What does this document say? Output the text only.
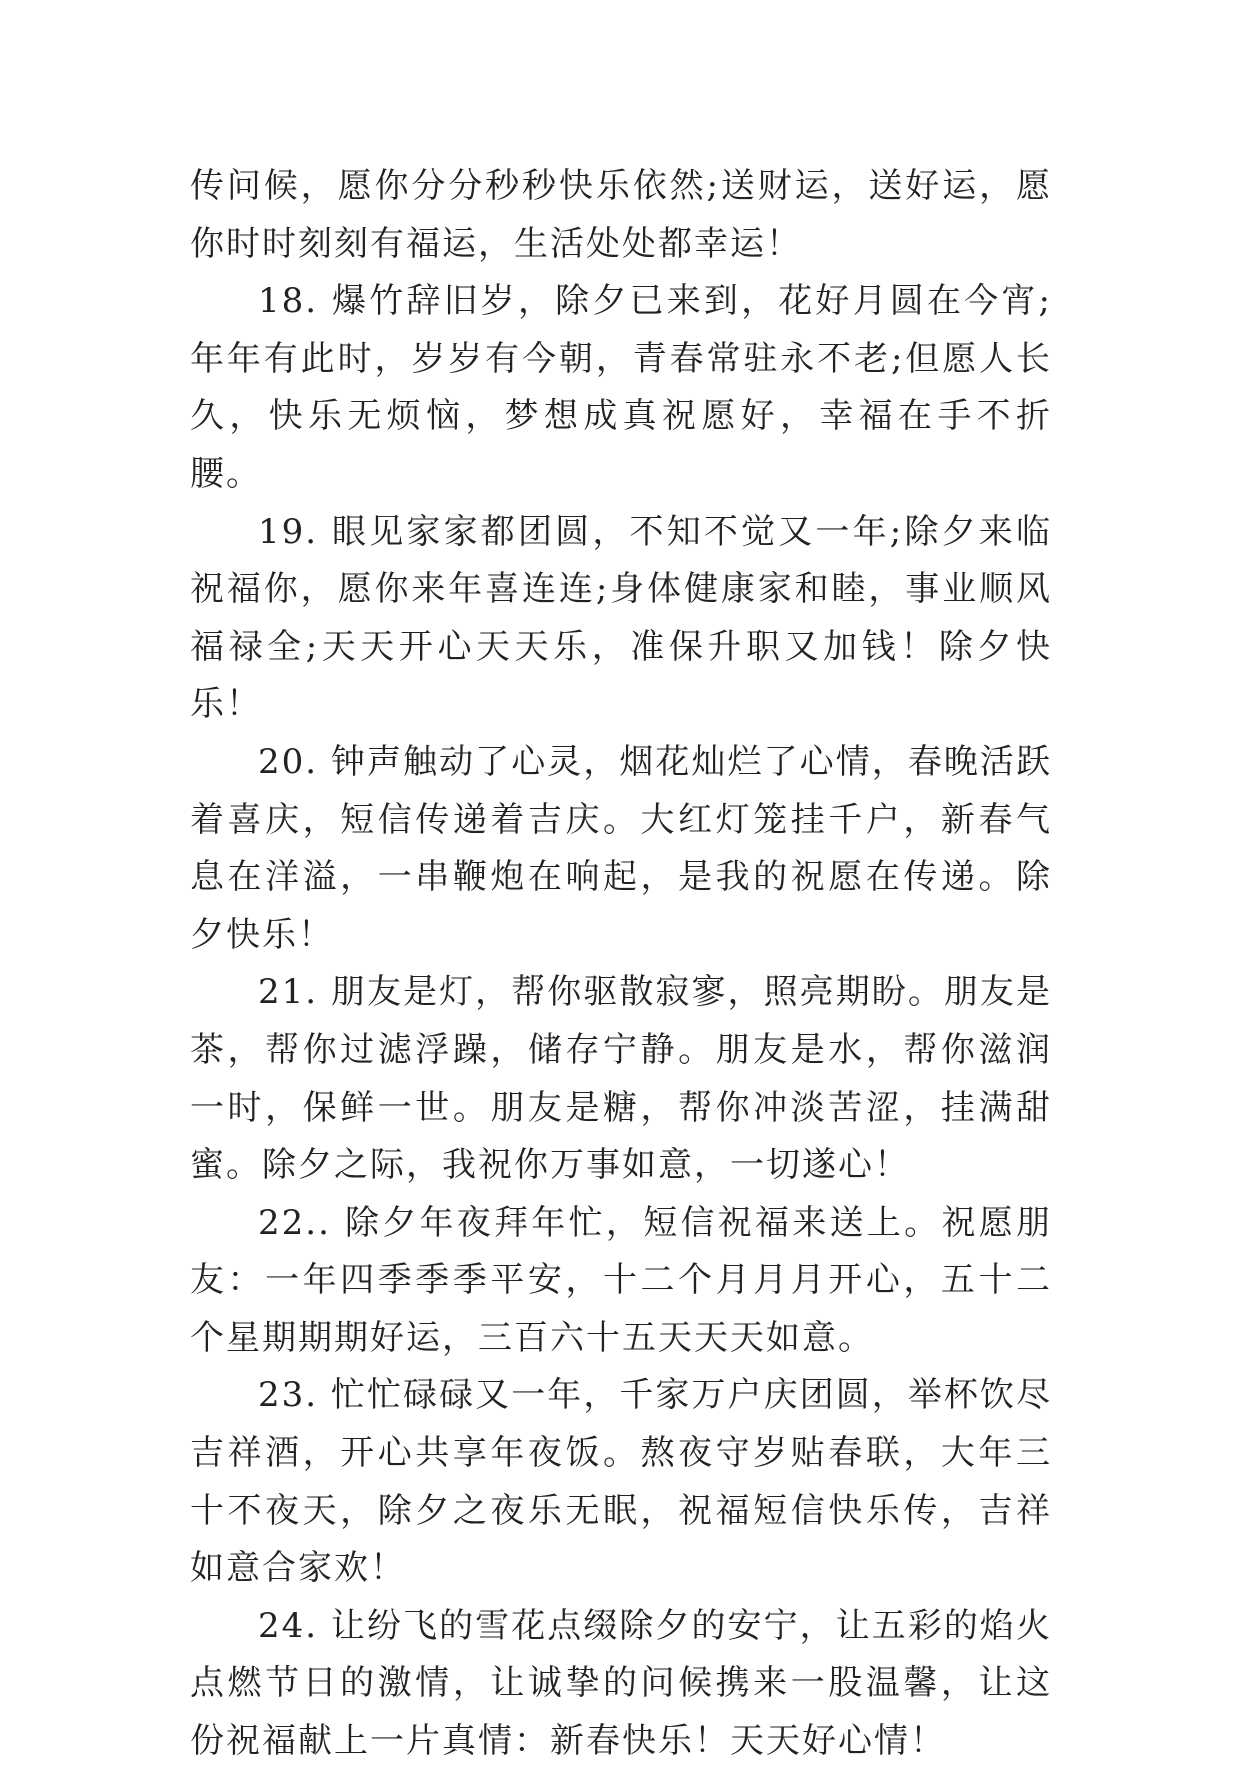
传问候，愿你分分秒秒快乐依然;送财运，送好运，愿你时时刻刻有福运，生活处处都幸运！

18. 爆竹辞旧岁，除夕已来到，花好月圆在今宵;年年有此时，岁岁有今朝，青春常驻永不老;但愿人长久，快乐无烦恼，梦想成真祝愿好，幸福在手不折腰。

19. 眼见家家都团圆，不知不觉又一年;除夕来临祝福你，愿你来年喜连连;身体健康家和睦，事业顺风福禄全;天天开心天天乐，准保升职又加钱！除夕快乐！

20. 钟声触动了心灵，烟花灿烂了心情，春晚活跃着喜庆，短信传递着吉庆。大红灯笼挂千户，新春气息在洋溢，一串鞭炮在响起，是我的祝愿在传递。除夕快乐！

21. 朋友是灯，帮你驱散寂寥，照亮期盼。朋友是茶，帮你过滤浮躁，储存宁静。朋友是水，帮你滋润一时，保鲜一世。朋友是糖，帮你冲淡苦涩，挂满甜蜜。除夕之际，我祝你万事如意，一切遂心！

22.. 除夕年夜拜年忙，短信祝福来送上。祝愿朋友：一年四季季季平安，十二个月月月开心，五十二个星期期期好运，三百六十五天天天如意。

23. 忙忙碌碌又一年，千家万户庆团圆，举杯饮尽吉祥酒，开心共享年夜饭。熬夜守岁贴春联，大年三十不夜天，除夕之夜乐无眠，祝福短信快乐传，吉祥如意合家欢！

24. 让纷飞的雪花点缀除夕的安宁，让五彩的焰火点燃节日的激情，让诚挚的问候携来一股温馨，让这份祝福献上一片真情：新春快乐！天天好心情！
